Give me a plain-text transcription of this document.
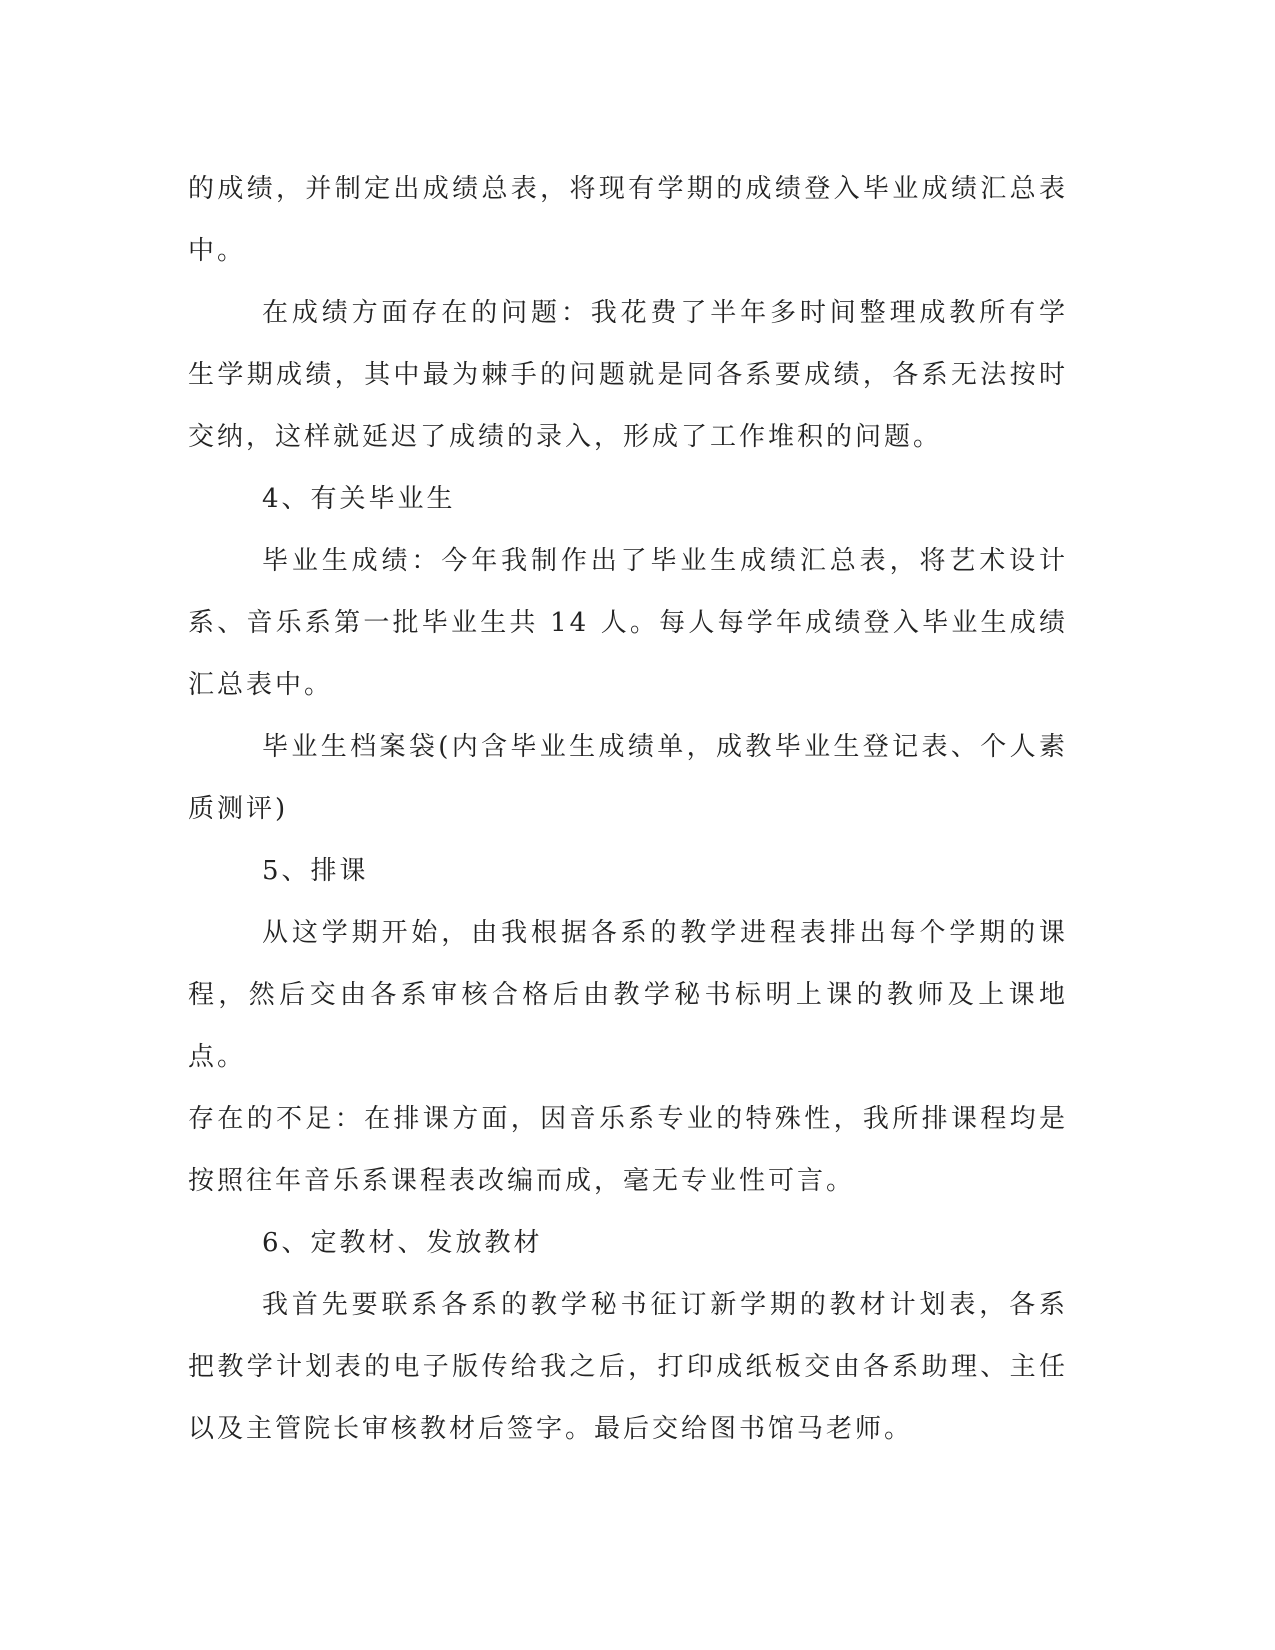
的成绩，并制定出成绩总表，将现有学期的成绩登入毕业成绩汇总表中。

在成绩方面存在的问题：我花费了半年多时间整理成教所有学生学期成绩，其中最为棘手的问题就是同各系要成绩，各系无法按时交纳，这样就延迟了成绩的录入，形成了工作堆积的问题。

4、有关毕业生

毕业生成绩：今年我制作出了毕业生成绩汇总表，将艺术设计系、音乐系第一批毕业生共 14 人。每人每学年成绩登入毕业生成绩汇总表中。

毕业生档案袋(内含毕业生成绩单，成教毕业生登记表、个人素质测评)

5、排课

从这学期开始，由我根据各系的教学进程表排出每个学期的课程，然后交由各系审核合格后由教学秘书标明上课的教师及上课地点。

存在的不足：在排课方面，因音乐系专业的特殊性，我所排课程均是按照往年音乐系课程表改编而成，毫无专业性可言。

6、定教材、发放教材

我首先要联系各系的教学秘书征订新学期的教材计划表，各系把教学计划表的电子版传给我之后，打印成纸板交由各系助理、主任以及主管院长审核教材后签字。最后交给图书馆马老师。
